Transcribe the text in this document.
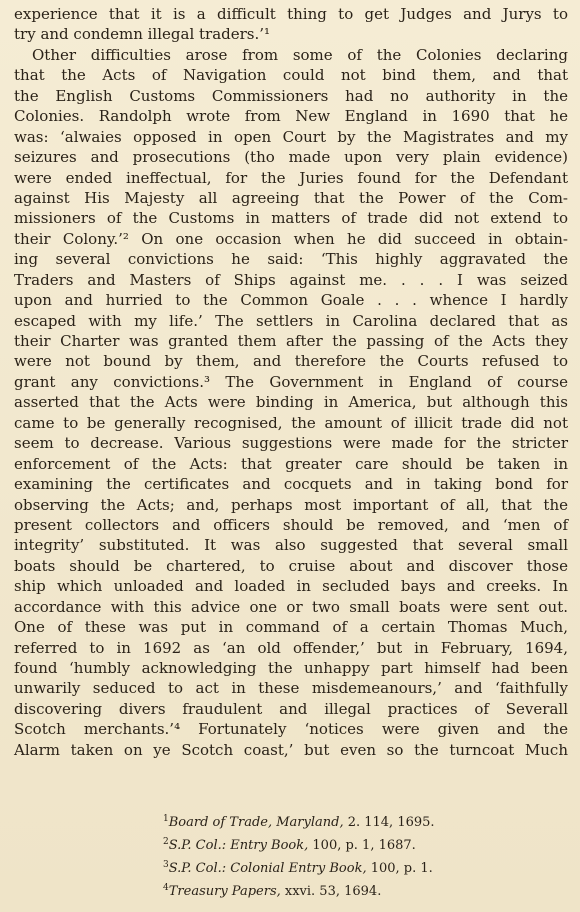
experience that it is a difficult thing to get Judges and Jurys to
try and condemn illegal traders.’¹
Other difficulties arose from some of the Colonies declaring
that the Acts of Navigation could not bind them, and that
the English Customs Commissioners had no authority in the
Colonies. Randolph wrote from New England in 1690 that he
was: ‘alwaies opposed in open Court by the Magistrates and my
seizures and prosecutions (tho made upon very plain evidence)
were ended ineffectual, for the Juries found for the Defendant
against His Majesty all agreeing that the Power of the Com-
missioners of the Customs in matters of trade did not extend to
their Colony.’² On one occasion when he did succeed in obtain-
ing several convictions he said: ‘This highly aggravated the
Traders and Masters of Ships against me. . . . I was seized
upon and hurried to the Common Goale . . . whence I hardly
escaped with my life.’ The settlers in Carolina declared that as
their Charter was granted them after the passing of the Acts they
were not bound by them, and therefore the Courts refused to
grant any convictions.³ The Government in England of course
asserted that the Acts were binding in America, but although this
came to be generally recognised, the amount of illicit trade did not
seem to decrease. Various suggestions were made for the stricter
enforcement of the Acts: that greater care should be taken in
examining the certificates and cocquets and in taking bond for
observing the Acts; and, perhaps most important of all, that the
present collectors and officers should be removed, and ‘men of
integrity’ substituted. It was also suggested that several small
boats should be chartered, to cruise about and discover those
ship which unloaded and loaded in secluded bays and creeks. In
accordance with this advice one or two small boats were sent out.
One of these was put in command of a certain Thomas Much,
referred to in 1692 as ‘an old offender,’ but in February, 1694,
found ‘humbly acknowledging the unhappy part himself had been
unwarily seduced to act in these misdemeanours,’ and ‘faithfully
discovering divers fraudulent and illegal practices of Severall
Scotch merchants.’⁴ Fortunately ‘notices were given and the
Alarm taken on ye Scotch coast,’ but even so the turncoat Much
$^1$Board of Trade, Maryland, 2. 114, 1695.
$^2$S.P. Col.: Entry Book, 100, p. 1, 1687.
$^3$S.P. Col.: Colonial Entry Book, 100, p. 1.
$^4$Treasury Papers, xxvi. 53, 1694.
